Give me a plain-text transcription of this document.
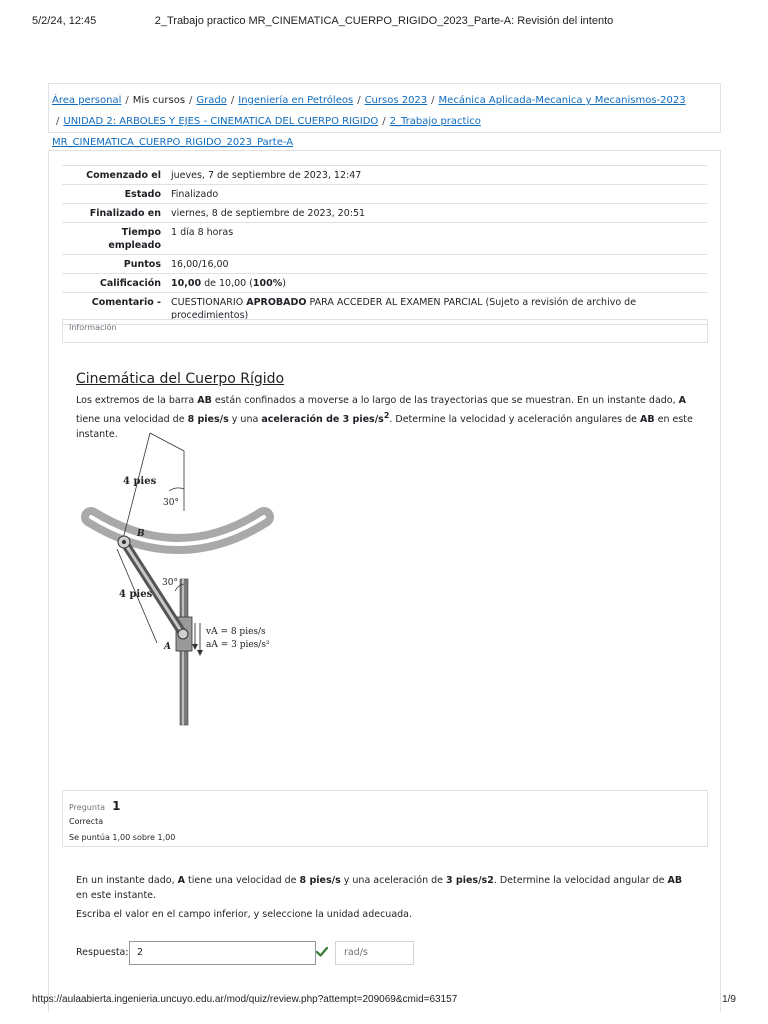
5/2/24, 12:45	2_Trabajo practico MR_CINEMATICA_CUERPO_RIGIDO_2023_Parte-A: Revisión del intento
Área personal / Mis cursos / Grado / Ingeniería en Petróleos / Cursos 2023 / Mecánica Aplicada-Mecanica y Mecanismos-2023
/ UNIDAD 2: ARBOLES Y EJES - CINEMATICA DEL CUERPO RIGIDO / 2_Trabajo practico MR_CINEMATICA_CUERPO_RIGIDO_2023_Parte-A
Comenzado el	jueves, 7 de septiembre de 2023, 12:47
Estado	Finalizado
Finalizado en	viernes, 8 de septiembre de 2023, 20:51
Tiempo empleado	1 día 8 horas
Puntos	16,00/16,00
Calificación	10,00 de 10,00 (100%)
Comentario -	CUESTIONARIO APROBADO PARA ACCEDER AL EXAMEN PARCIAL (Sujeto a revisión de archivo de procedimientos)
Información
Cinemática del Cuerpo Rígido

Los extremos de la barra AB están confinados a moverse a lo largo de las trayectorias que se muestran. En un instante dado, A tiene una velocidad de 8 pies/s y una aceleración de 3 pies/$s^2$. Determine la velocidad y aceleración angulares de AB en este instante.

4 pies
30°
B
30°
4 pies
A
vA = 8 pies/s
aA = 3 pies/s²
Pregunta 1
Correcta
Se puntúa 1,00 sobre 1,00

En un instante dado, A tiene una velocidad de 8 pies/s y una aceleración de 3 pies/s2. Determine la velocidad angular de AB en este instante.

Escriba el valor en el campo inferior, y seleccione la unidad adecuada.

Respuesta: 2	rad/s
https://aulaabierta.ingenieria.uncuyo.edu.ar/mod/quiz/review.php?attempt=209069&cmid=63157	1/9
